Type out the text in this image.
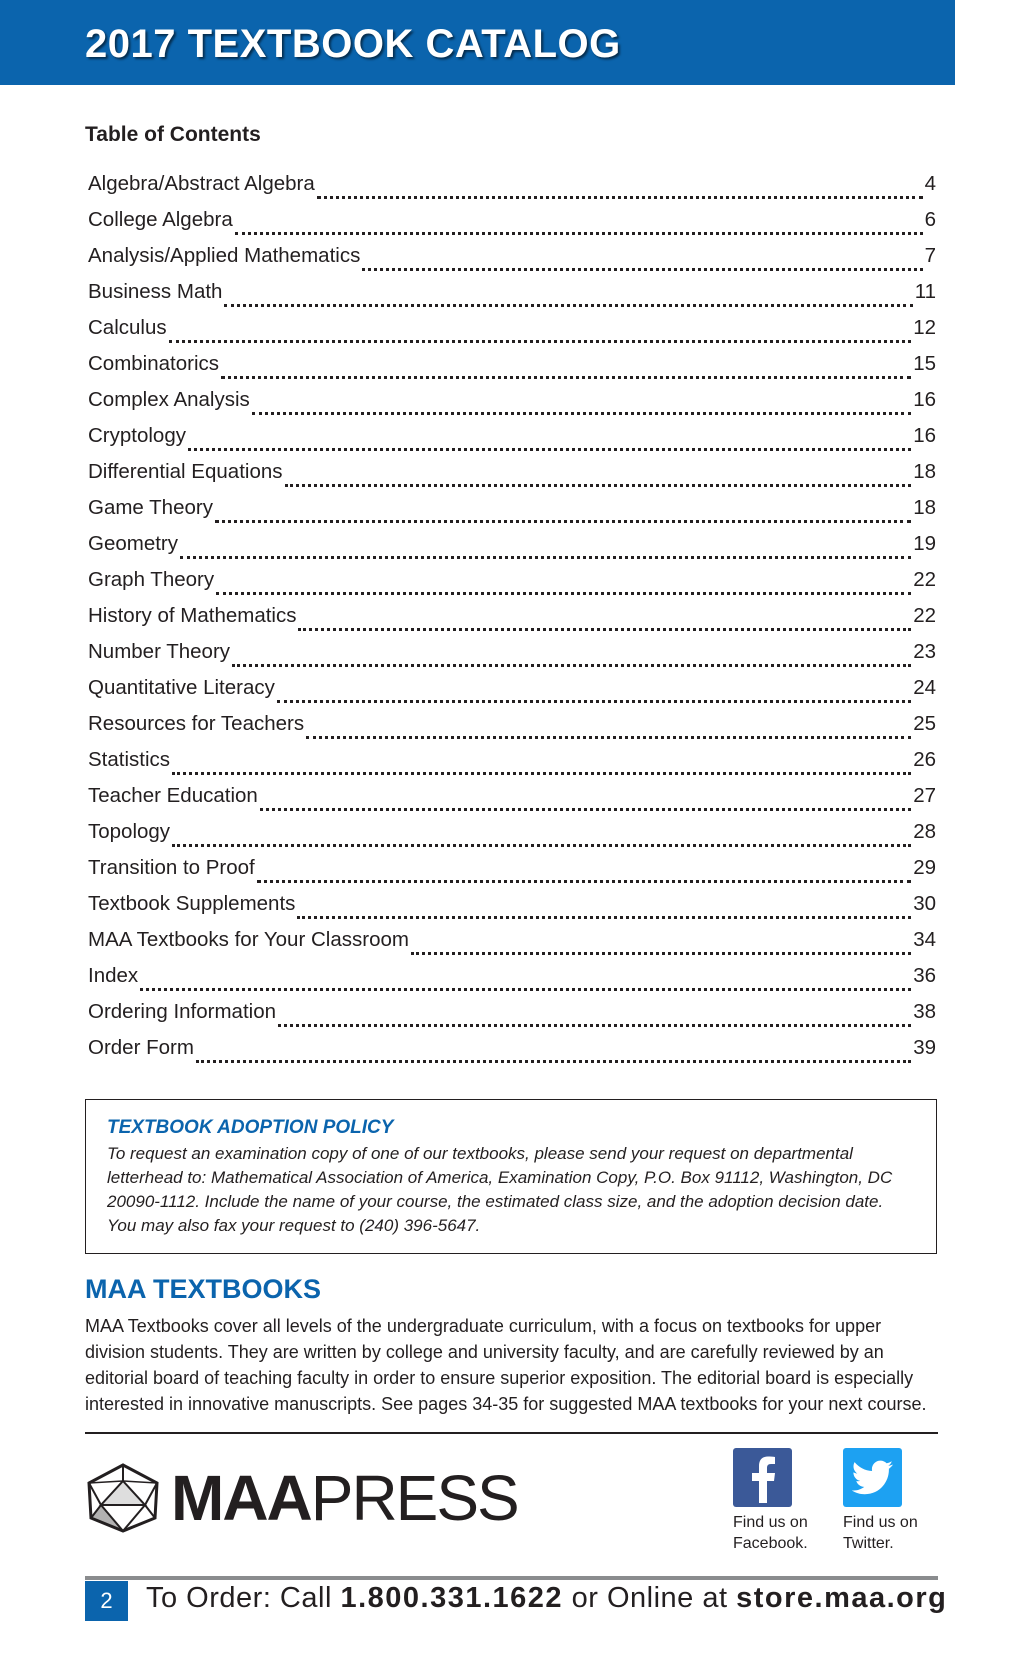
2017 TEXTBOOK CATALOG
Table of Contents
Algebra/Abstract Algebra	4
College Algebra	6
Analysis/Applied Mathematics	7
Business Math	11
Calculus	12
Combinatorics	15
Complex Analysis	16
Cryptology	16
Differential Equations	18
Game Theory	18
Geometry	19
Graph Theory	22
History of Mathematics	22
Number Theory	23
Quantitative Literacy	24
Resources for Teachers	25
Statistics	26
Teacher Education	27
Topology	28
Transition to Proof	29
Textbook Supplements	30
MAA Textbooks for Your Classroom	34
Index	36
Ordering Information	38
Order Form	39
TEXTBOOK ADOPTION POLICY
To request an examination copy of one of our textbooks, please send your request on departmental letterhead to: Mathematical Association of America, Examination Copy, P.O. Box 91112, Washington, DC 20090-1112. Include the name of your course, the estimated class size, and the adoption decision date. You may also fax your request to (240) 396-5647.
MAA TEXTBOOKS
MAA Textbooks cover all levels of the undergraduate curriculum, with a focus on textbooks for upper division students. They are written by college and university faculty, and are carefully reviewed by an editorial board of teaching faculty in order to ensure superior exposition. The editorial board is especially interested in innovative manuscripts. See pages 34-35 for suggested MAA textbooks for your next course.
MAAPRESS	Find us on
Facebook.
Find us on
Twitter.
2	To Order: Call 1.800.331.1622 or Online at store.maa.org
